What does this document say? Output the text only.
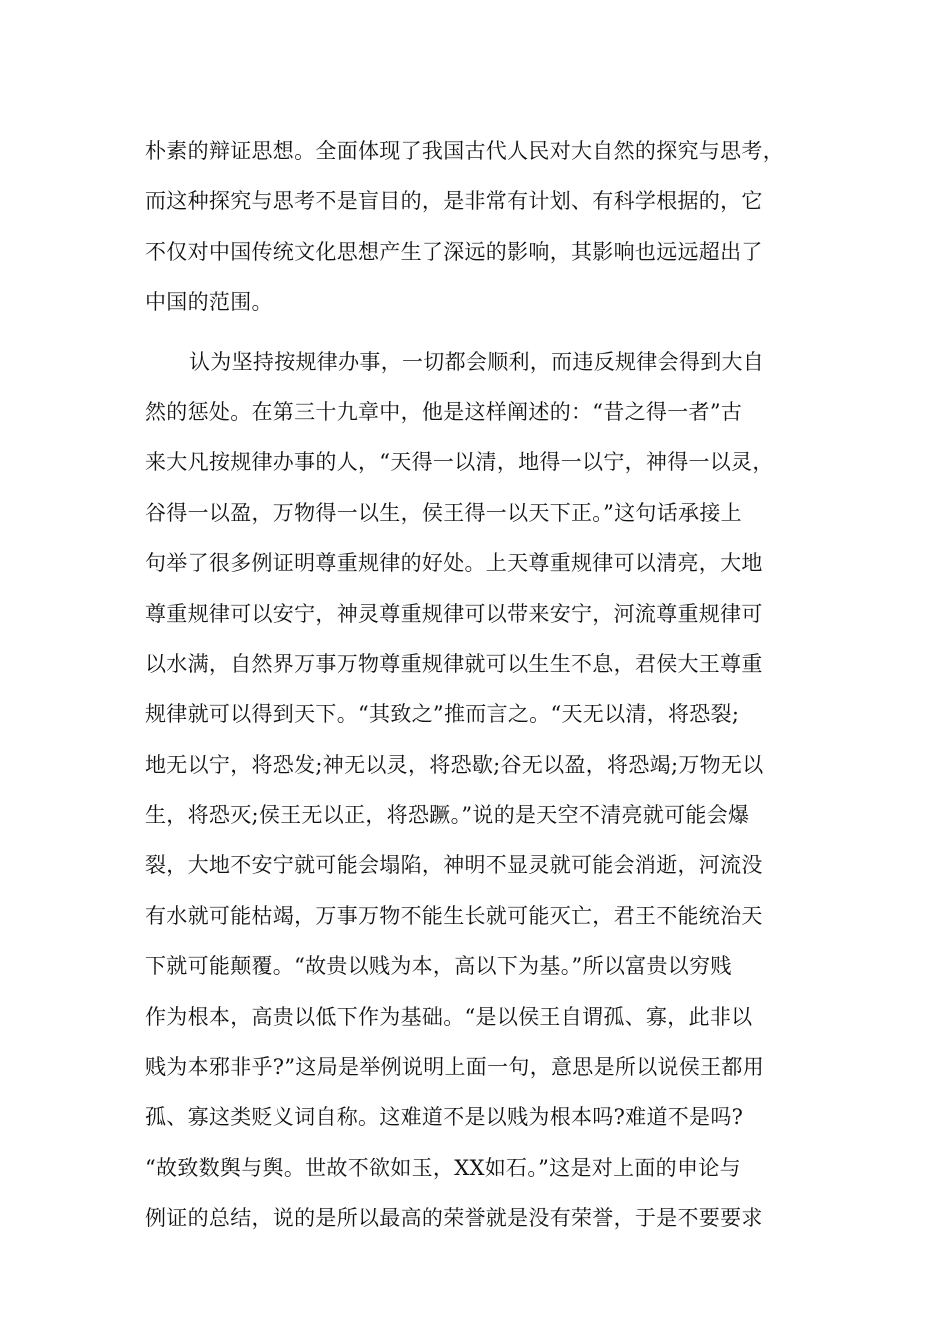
朴素的辩证思想。全面体现了我国古代人民对大自然的探究与思考，
而这种探究与思考不是盲目的，是非常有计划、有科学根据的，它
不仅对中国传统文化思想产生了深远的影响，其影响也远远超出了
中国的范围。
认为坚持按规律办事，一切都会顺利，而违反规律会得到大自
然的惩处。在第三十九章中，他是这样阐述的：“昔之得一者”古
来大凡按规律办事的人，“天得一以清，地得一以宁，神得一以灵，
谷得一以盈，万物得一以生，侯王得一以天下正。”这句话承接上
句举了很多例证明尊重规律的好处。上天尊重规律可以清亮，大地
尊重规律可以安宁，神灵尊重规律可以带来安宁，河流尊重规律可
以水满，自然界万事万物尊重规律就可以生生不息，君侯大王尊重
规律就可以得到天下。“其致之”推而言之。“天无以清，将恐裂;
地无以宁，将恐发;神无以灵，将恐歇;谷无以盈，将恐竭;万物无以
生，将恐灭;侯王无以正，将恐蹶。”说的是天空不清亮就可能会爆
裂，大地不安宁就可能会塌陷，神明不显灵就可能会消逝，河流没
有水就可能枯竭，万事万物不能生长就可能灭亡，君王不能统治天
下就可能颠覆。“故贵以贱为本，高以下为基。”所以富贵以穷贱
作为根本，高贵以低下作为基础。“是以侯王自谓孤、寡，此非以
贱为本邪非乎?”这局是举例说明上面一句，意思是所以说侯王都用
孤、寡这类贬义词自称。这难道不是以贱为根本吗?难道不是吗?
“故致数舆与舆。世故不欲如玉，XX如石。”这是对上面的申论与
例证的总结，说的是所以最高的荣誉就是没有荣誉，于是不要要求
